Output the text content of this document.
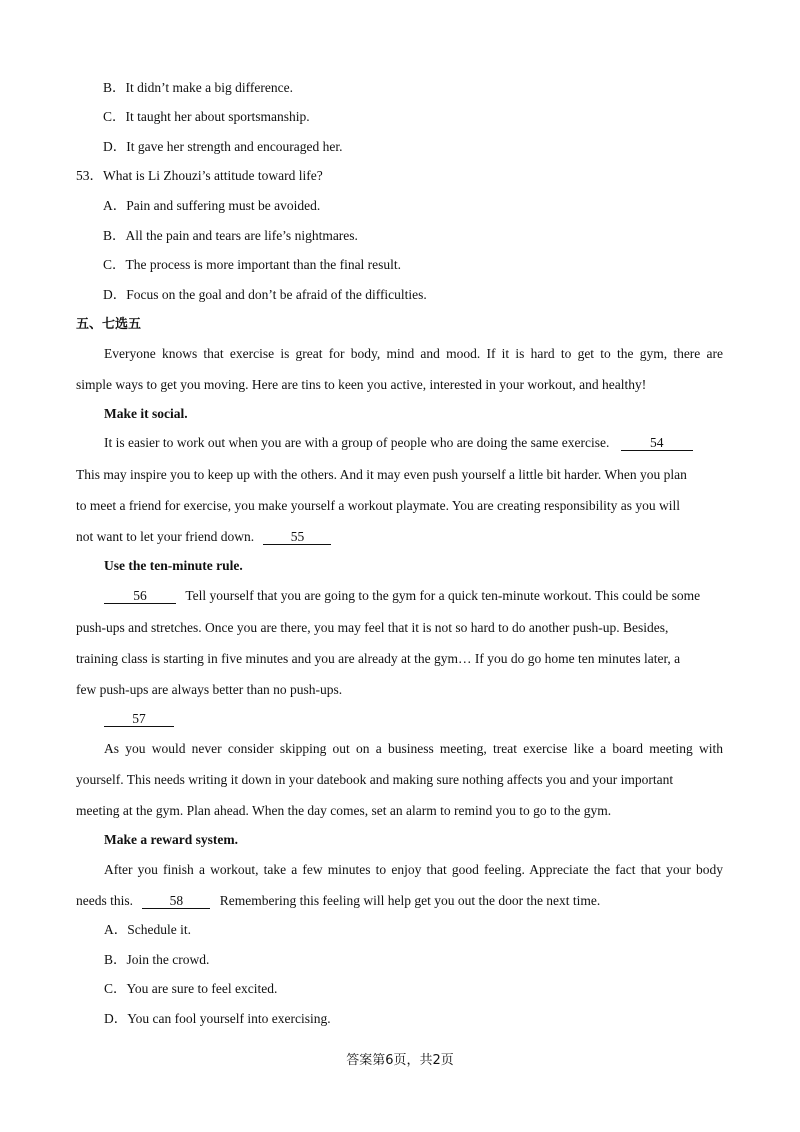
B．It didn’t make a big difference.
C．It taught her about sportsmanship.
D．It gave her strength and encouraged her.
53．What is Li Zhouzi’s attitude toward life?
A．Pain and suffering must be avoided.
B．All the pain and tears are life’s nightmares.
C．The process is more important than the final result.
D．Focus on the goal and don’t be afraid of the difficulties.
五、七选五
Everyone knows that exercise is great for body, mind and mood. If it is hard to get to the gym, there are
simple ways to get you moving. Here are tins to keen you active, interested in your workout, and healthy!
Make it social.
It is easier to work out when you are with a group of people who are doing the same exercise.	54
This may inspire you to keep up with the others. And it may even push yourself a little bit harder. When you plan
to meet a friend for exercise, you make yourself a workout playmate. You are creating responsibility as you will
not want to let your friend down.	55
Use the ten-minute rule.
56	Tell yourself that you are going to the gym for a quick ten-minute workout. This could be some
push-ups and stretches. Once you are there, you may feel that it is not so hard to do another push-up. Besides,
training class is starting in five minutes and you are already at the gym… If you do go home ten minutes later, a
few push-ups are always better than no push-ups.
57
As you would never consider skipping out on a business meeting, treat exercise like a board meeting with
yourself. This needs writing it down in your datebook and making sure nothing affects you and your important
meeting at the gym. Plan ahead. When the day comes, set an alarm to remind you to go to the gym.
Make a reward system.
After you finish a workout, take a few minutes to enjoy that good feeling. Appreciate the fact that your body
needs this.	58	Remembering this feeling will help get you out the door the next time.
A．Schedule it.
B．Join the crowd.
C．You are sure to feel excited.
D．You can fool yourself into exercising.
答案第6页，共2页
